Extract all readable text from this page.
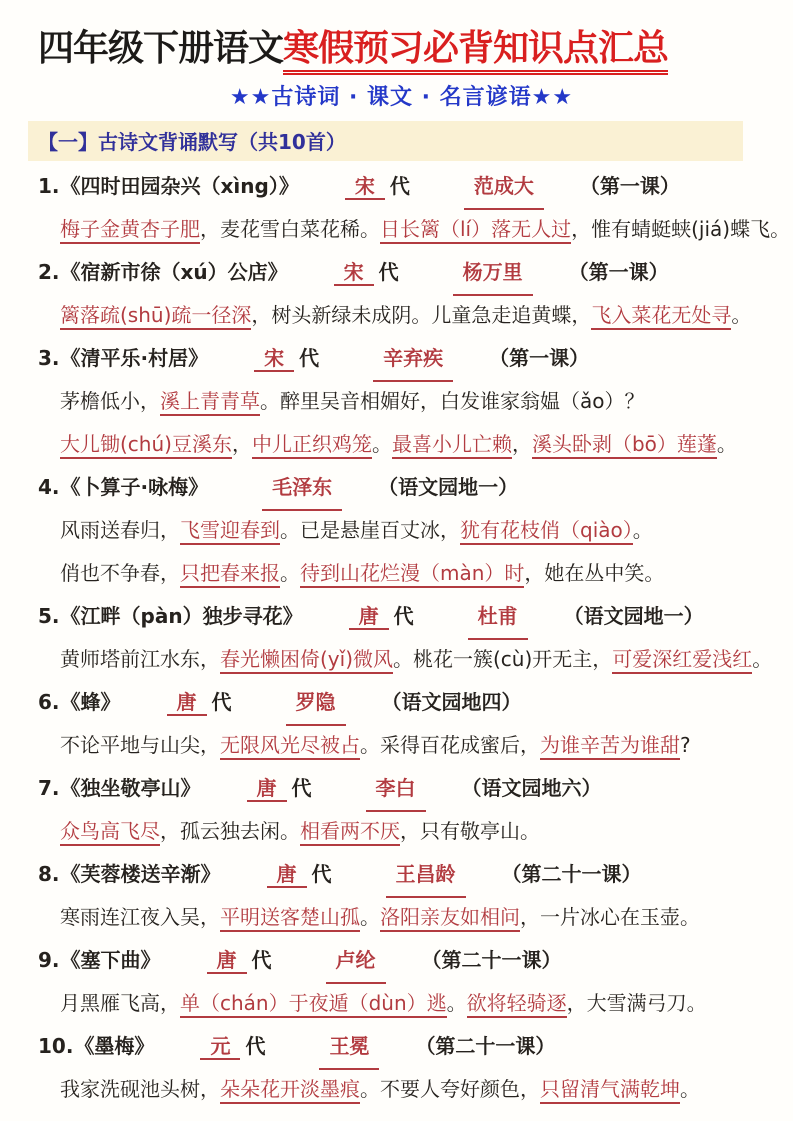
四年级下册语文寒假预习必背知识点汇总
★★古诗词 · 课文 · 名言谚语★★
【一】古诗文背诵默写（共10首）
1. 《四时田园杂兴（xìng）》	宋 代	范成大	（第一课）
梅子金黄杏子肥，麦花雪白菜花稀。日长篱（lí）落无人过，惟有蜻蜓蛱(jiá)蝶飞。
2. 《宿新市徐（xú）公店》	宋 代	杨万里	（第一课）
篱落疏(shū)疏一径深，树头新绿未成阴。儿童急走追黄蝶，飞入菜花无处寻。
3. 《清平乐·村居》	宋 代	辛弃疾	（第一课）
茅檐低小，溪上青青草。醉里吴音相媚好，白发谁家翁媪（ǎo）？
大儿锄(chú)豆溪东，中儿正织鸡笼。最喜小儿亡赖，溪头卧剥（bō）莲蓬。
4. 《卜算子·咏梅》	毛泽东	（语文园地一）
风雨送春归，飞雪迎春到。已是悬崖百丈冰，犹有花枝俏（qiào）。
俏也不争春，只把春来报。待到山花烂漫（màn）时，她在丛中笑。
5. 《江畔（pàn）独步寻花》	唐 代	杜甫	（语文园地一）
黄师塔前江水东，春光懒困倚(yǐ)微风。桃花一簇(cù)开无主，可爱深红爱浅红。
6. 《蜂》	唐 代	罗隐	（语文园地四）
不论平地与山尖，无限风光尽被占。采得百花成蜜后，为谁辛苦为谁甜?
7. 《独坐敬亭山》	唐 代	李白	（语文园地六）
众鸟高飞尽，孤云独去闲。相看两不厌，只有敬亭山。
8. 《芙蓉楼送辛渐》	唐 代	王昌龄	（第二十一课）
寒雨连江夜入吴，平明送客楚山孤。洛阳亲友如相问，一片冰心在玉壶。
9. 《塞下曲》	唐 代	卢纶	（第二十一课）
月黑雁飞高，单（chán）于夜遁（dùn）逃。欲将轻骑逐，大雪满弓刀。
10. 《墨梅》	元 代	王冕	（第二十一课）
我家洗砚池头树，朵朵花开淡墨痕。不要人夸好颜色，只留清气满乾坤。
